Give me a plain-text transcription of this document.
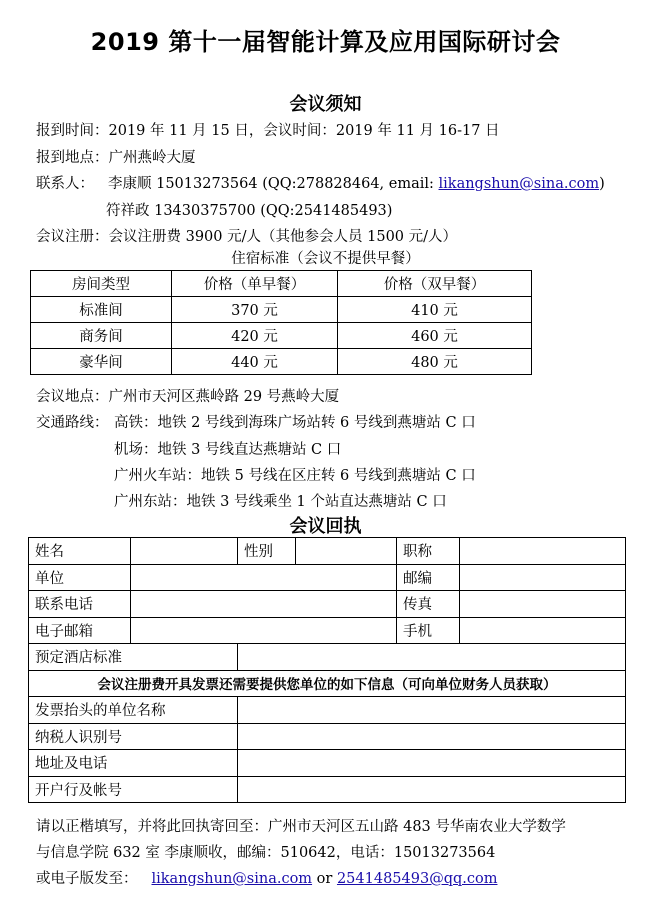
2019 第十一届智能计算及应用国际研讨会
会议须知
报到时间：2019 年 11 月 15 日，会议时间：2019 年 11 月 16-17 日
报到地点：广州燕岭大厦
联系人： 李康顺 15013273564 (QQ:278828464, email: likangshun@sina.com)
符祥政 13430375700 (QQ:2541485493)
会议注册：会议注册费 3900 元/人（其他参会人员 1500 元/人）
住宿标准（会议不提供早餐）
房间类型	价格（单早餐）	价格（双早餐）
标准间	370 元	410 元
商务间	420 元	460 元
豪华间	440 元	480 元
会议地点：广州市天河区燕岭路 29 号燕岭大厦
交通路线： 高铁：地铁 2 号线到海珠广场站转 6 号线到燕塘站 C 口
机场：地铁 3 号线直达燕塘站 C 口
广州火车站：地铁 5 号线在区庄转 6 号线到燕塘站 C 口
广州东站：地铁 3 号线乘坐 1 个站直达燕塘站 C 口
会议回执
姓名		性别		职称	
单位				邮编	
联系电话				传真	
电子邮箱				手机	
预定酒店标准					
会议注册费开具发票还需要提供您单位的如下信息（可向单位财务人员获取）					
发票抬头的单位名称					
纳税人识别号					
地址及电话					
开户行及帐号					
请以正楷填写，并将此回执寄回至：广州市天河区五山路 483 号华南农业大学数学
与信息学院 632 室 李康顺收，邮编：510642，电话：15013273564
或电子版发至： likangshun@sina.com or 2541485493@qq.com
